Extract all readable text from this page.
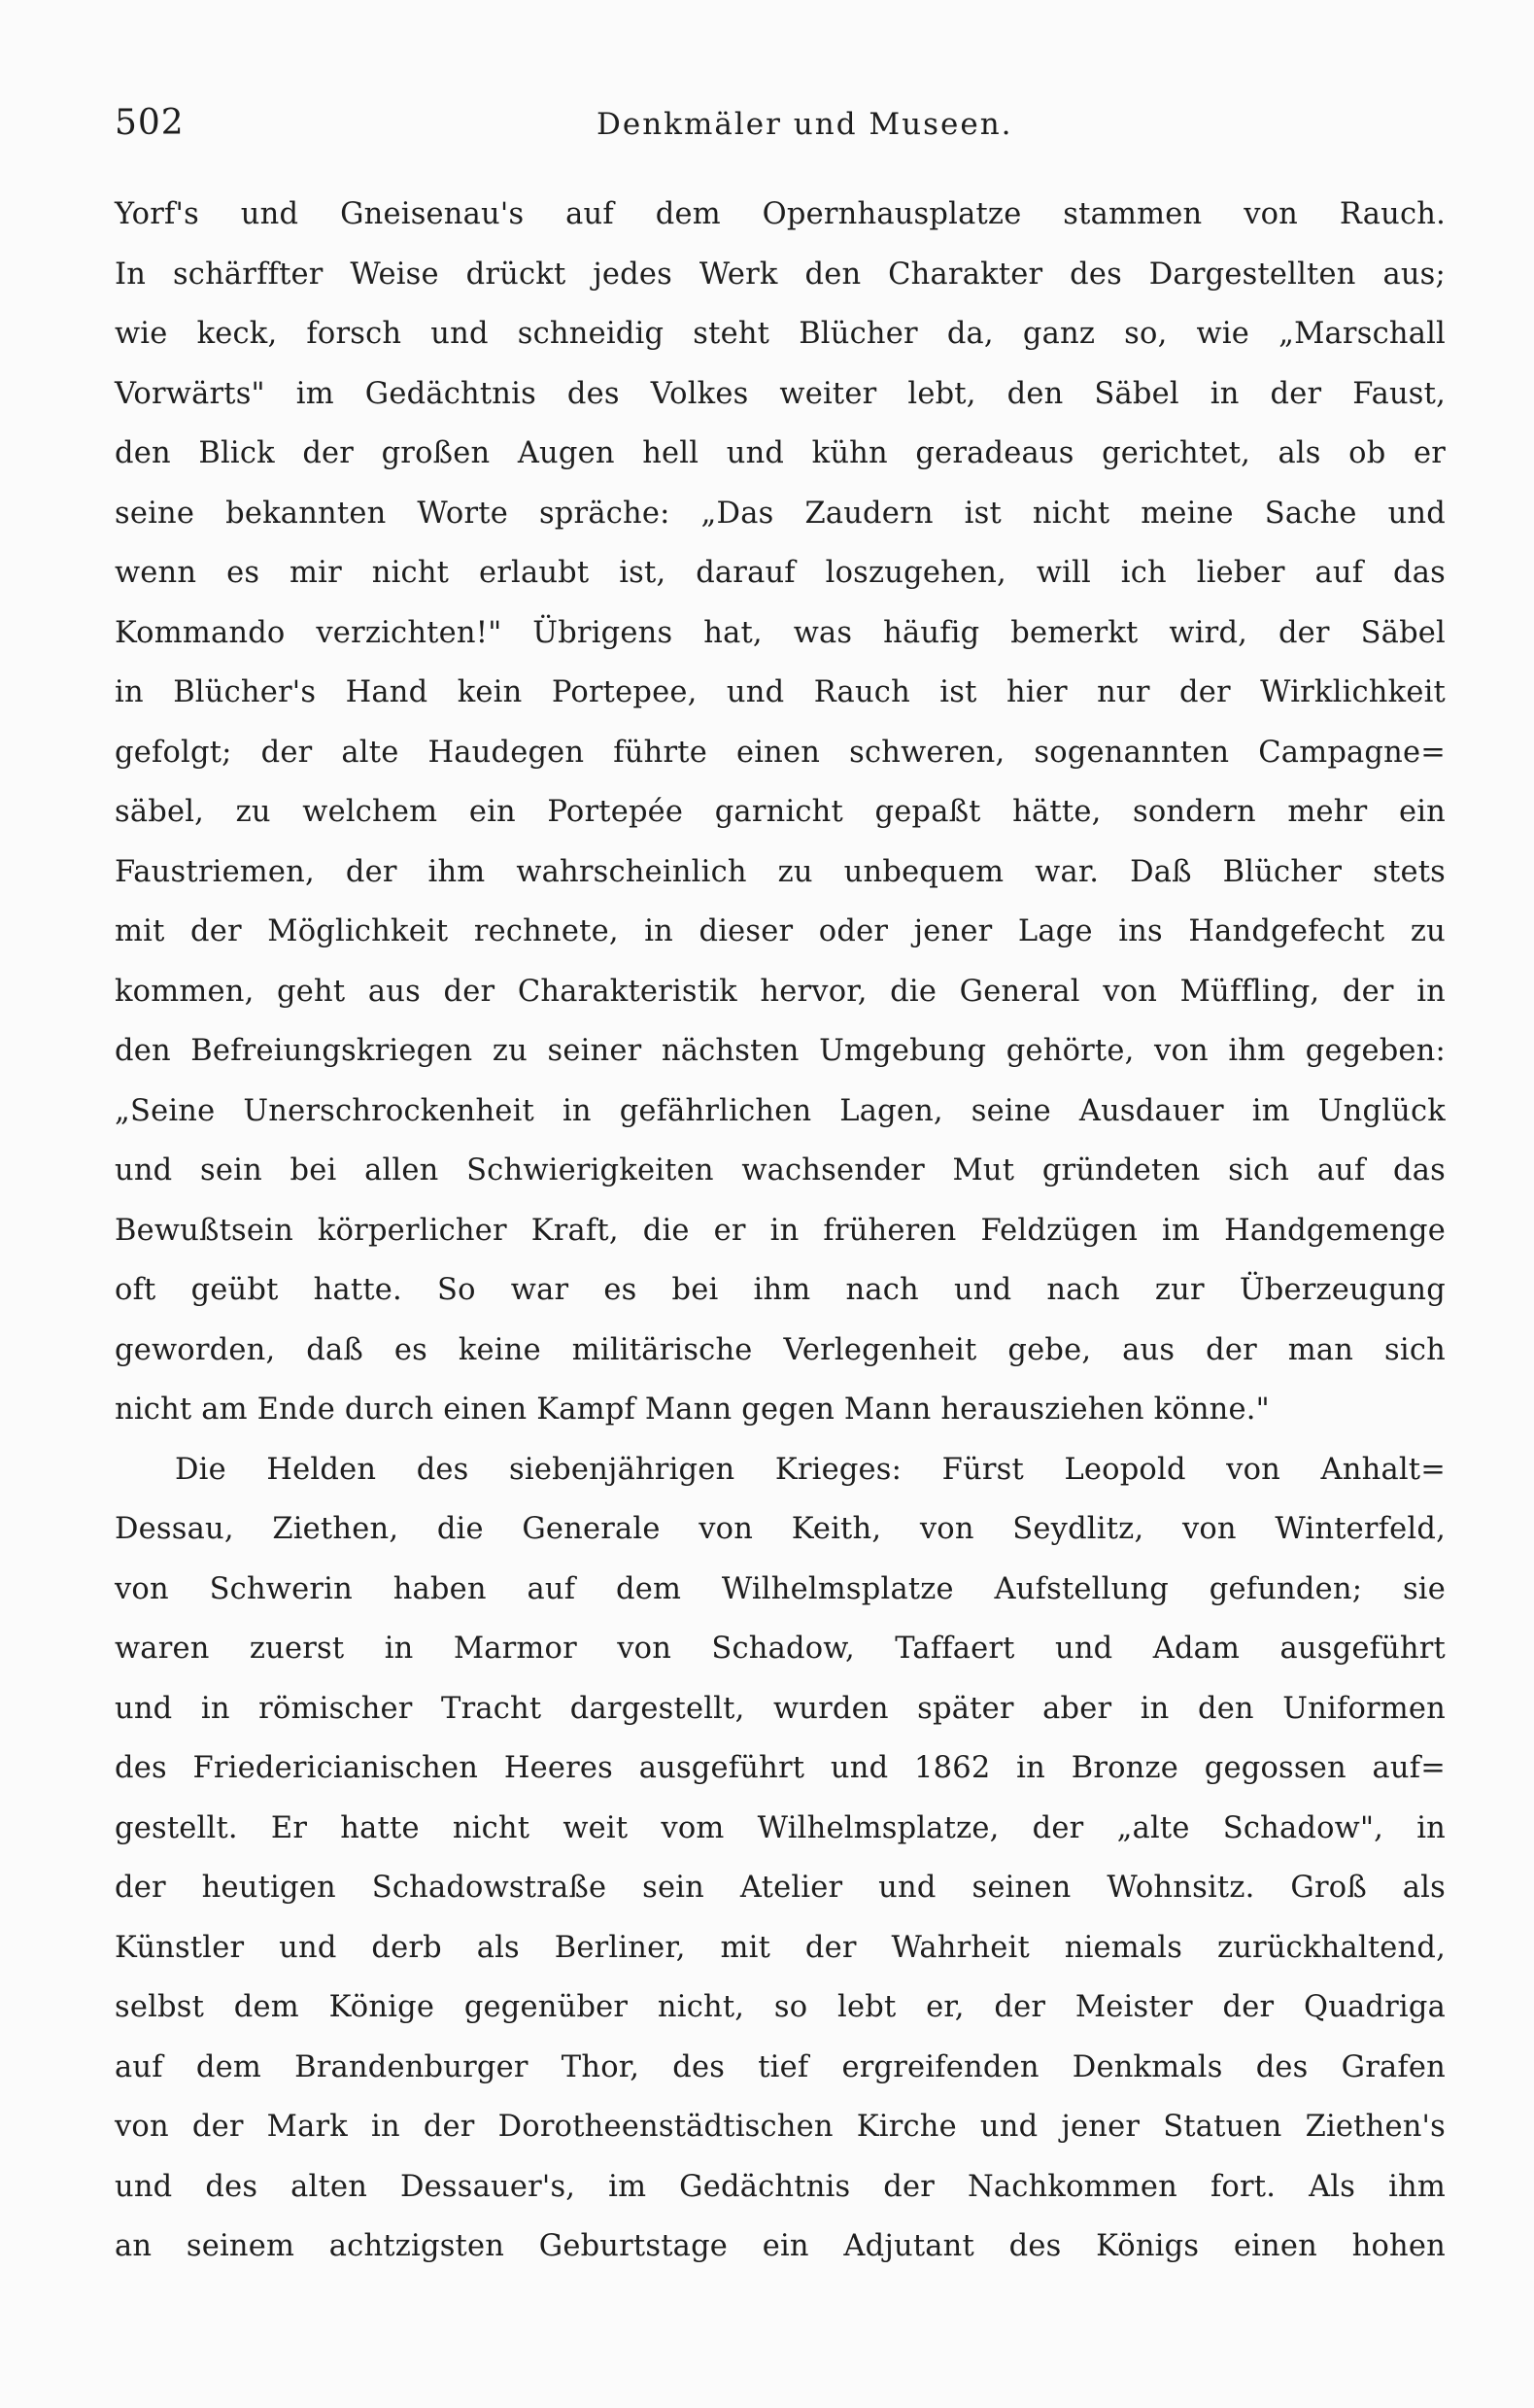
502	Denkmäler und Museen.
Yorf's und Gneisenau's auf dem Opernhausplatze stammen von Rauch.
In schärffter Weise drückt jedes Werk den Charakter des Dargestellten aus;
wie keck, forsch und schneidig steht Blücher da, ganz so, wie „Marschall
Vorwärts" im Gedächtnis des Volkes weiter lebt, den Säbel in der Faust,
den Blick der großen Augen hell und kühn geradeaus gerichtet, als ob er
seine bekannten Worte spräche: „Das Zaudern ist nicht meine Sache und
wenn es mir nicht erlaubt ist, darauf loszugehen, will ich lieber auf das
Kommando verzichten!" Übrigens hat, was häufig bemerkt wird, der Säbel
in Blücher's Hand kein Portepee, und Rauch ist hier nur der Wirklichkeit
gefolgt; der alte Haudegen führte einen schweren, sogenannten Campagne=
säbel, zu welchem ein Portepée garnicht gepaßt hätte, sondern mehr ein
Faustriemen, der ihm wahrscheinlich zu unbequem war. Daß Blücher stets
mit der Möglichkeit rechnete, in dieser oder jener Lage ins Handgefecht zu
kommen, geht aus der Charakteristik hervor, die General von Müffling, der in
den Befreiungskriegen zu seiner nächsten Umgebung gehörte, von ihm gegeben:
„Seine Unerschrockenheit in gefährlichen Lagen, seine Ausdauer im Unglück
und sein bei allen Schwierigkeiten wachsender Mut gründeten sich auf das
Bewußtsein körperlicher Kraft, die er in früheren Feldzügen im Handgemenge
oft geübt hatte. So war es bei ihm nach und nach zur Überzeugung
geworden, daß es keine militärische Verlegenheit gebe, aus der man sich
nicht am Ende durch einen Kampf Mann gegen Mann herausziehen könne."
Die Helden des siebenjährigen Krieges: Fürst Leopold von Anhalt=
Dessau, Ziethen, die Generale von Keith, von Seydlitz, von Winterfeld,
von Schwerin haben auf dem Wilhelmsplatze Aufstellung gefunden; sie
waren zuerst in Marmor von Schadow, Taffaert und Adam ausgeführt
und in römischer Tracht dargestellt, wurden später aber in den Uniformen
des Friedericianischen Heeres ausgeführt und 1862 in Bronze gegossen auf=
gestellt. Er hatte nicht weit vom Wilhelmsplatze, der „alte Schadow", in
der heutigen Schadowstraße sein Atelier und seinen Wohnsitz. Groß als
Künstler und derb als Berliner, mit der Wahrheit niemals zurückhaltend,
selbst dem Könige gegenüber nicht, so lebt er, der Meister der Quadriga
auf dem Brandenburger Thor, des tief ergreifenden Denkmals des Grafen
von der Mark in der Dorotheenstädtischen Kirche und jener Statuen Ziethen's
und des alten Dessauer's, im Gedächtnis der Nachkommen fort. Als ihm
an seinem achtzigsten Geburtstage ein Adjutant des Königs einen hohen
